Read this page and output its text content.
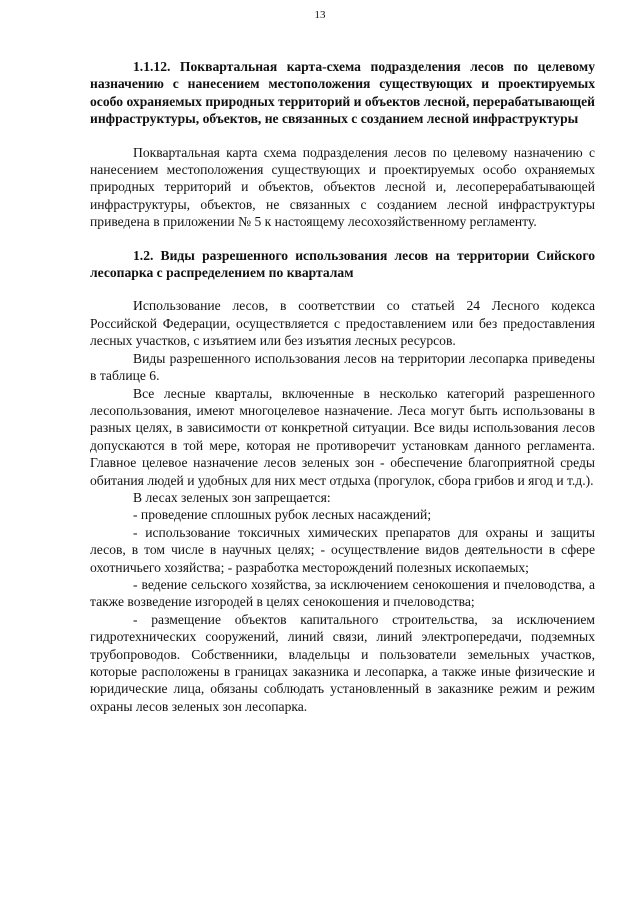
13

1.1.12. Поквартальная карта-схема подразделения лесов по целевому назначению с нанесением местоположения существующих и проектируемых особо охраняемых природных территорий и объектов лесной, перерабатывающей инфраструктуры, объектов, не связанных с созданием лесной инфраструктуры

Поквартальная карта схема подразделения лесов по целевому назначению с нанесением местоположения существующих и проектируемых особо охраняемых природных территорий и объектов, объектов лесной и, лесоперерабатывающей инфраструктуры, объектов, не связанных с созданием лесной инфраструктуры приведена в приложении № 5 к настоящему лесохозяйственному регламенту.

1.2. Виды разрешенного использования лесов на территории Сийского лесопарка с распределением по кварталам

Использование лесов, в соответствии со статьей 24 Лесного кодекса Российской Федерации, осуществляется с предоставлением или без предоставления лесных участков, с изъятием или без изъятия лесных ресурсов.

Виды разрешенного использования лесов на территории лесопарка приведены в таблице 6.

Все лесные кварталы, включенные в несколько категорий разрешенного лесопользования, имеют многоцелевое назначение. Леса могут быть использованы в разных целях, в зависимости от конкретной ситуации. Все виды использования лесов допускаются в той мере, которая не противоречит установкам данного регламента. Главное целевое назначение лесов зеленых зон - обеспечение благоприятной среды обитания людей и удобных для них мест отдыха (прогулок, сбора грибов и ягод и т.д.).

В лесах зеленых зон запрещается:

- проведение сплошных рубок лесных насаждений;

- использование токсичных химических препаратов для охраны и защиты лесов, в том числе в научных целях; - осуществление видов деятельности в сфере охотничьего хозяйства; - разработка месторождений полезных ископаемых;

- ведение сельского хозяйства, за исключением сенокошения и пчеловодства, а также возведение изгородей в целях сенокошения и пчеловодства;

- размещение объектов капитального строительства, за исключением гидротехнических сооружений, линий связи, линий электропередачи, подземных трубопроводов. Собственники, владельцы и пользователи земельных участков, которые расположены в границах заказника и лесопарка, а также иные физические и юридические лица, обязаны соблюдать установленный в заказнике режим и режим охраны лесов зеленых зон лесопарка.
